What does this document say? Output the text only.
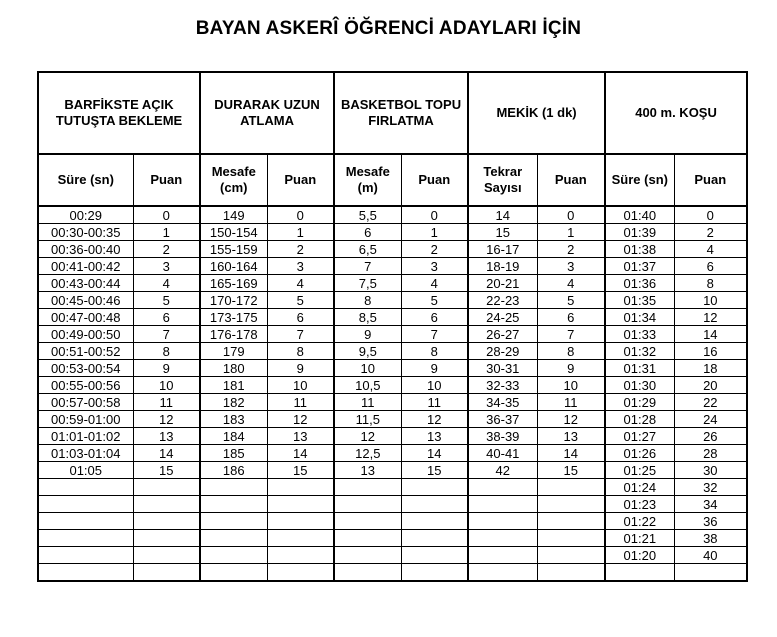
BAYAN ASKERÎ ÖĞRENCİ ADAYLARI İÇİN
BARFİKSTE AÇIK TUTUŞTA BEKLEME		DURARAK UZUN ATLAMA		BASKETBOL TOPU FIRLATMA		MEKİK (1 dk)		400 m. KOŞU	
Süre (sn)	Puan	Mesafe (cm)	Puan	Mesafe (m)	Puan	Tekrar Sayısı	Puan	Süre (sn)	Puan
00:29	0	149	0	5,5	0	14	0	01:40	0
00:30-00:35	1	150-154	1	6	1	15	1	01:39	2
00:36-00:40	2	155-159	2	6,5	2	16-17	2	01:38	4
00:41-00:42	3	160-164	3	7	3	18-19	3	01:37	6
00:43-00:44	4	165-169	4	7,5	4	20-21	4	01:36	8
00:45-00:46	5	170-172	5	8	5	22-23	5	01:35	10
00:47-00:48	6	173-175	6	8,5	6	24-25	6	01:34	12
00:49-00:50	7	176-178	7	9	7	26-27	7	01:33	14
00:51-00:52	8	179	8	9,5	8	28-29	8	01:32	16
00:53-00:54	9	180	9	10	9	30-31	9	01:31	18
00:55-00:56	10	181	10	10,5	10	32-33	10	01:30	20
00:57-00:58	11	182	11	11	11	34-35	11	01:29	22
00:59-01:00	12	183	12	11,5	12	36-37	12	01:28	24
01:01-01:02	13	184	13	12	13	38-39	13	01:27	26
01:03-01:04	14	185	14	12,5	14	40-41	14	01:26	28
01:05	15	186	15	13	15	42	15	01:25	30
								01:24	32
								01:23	34
								01:22	36
								01:21	38
								01:20	40
